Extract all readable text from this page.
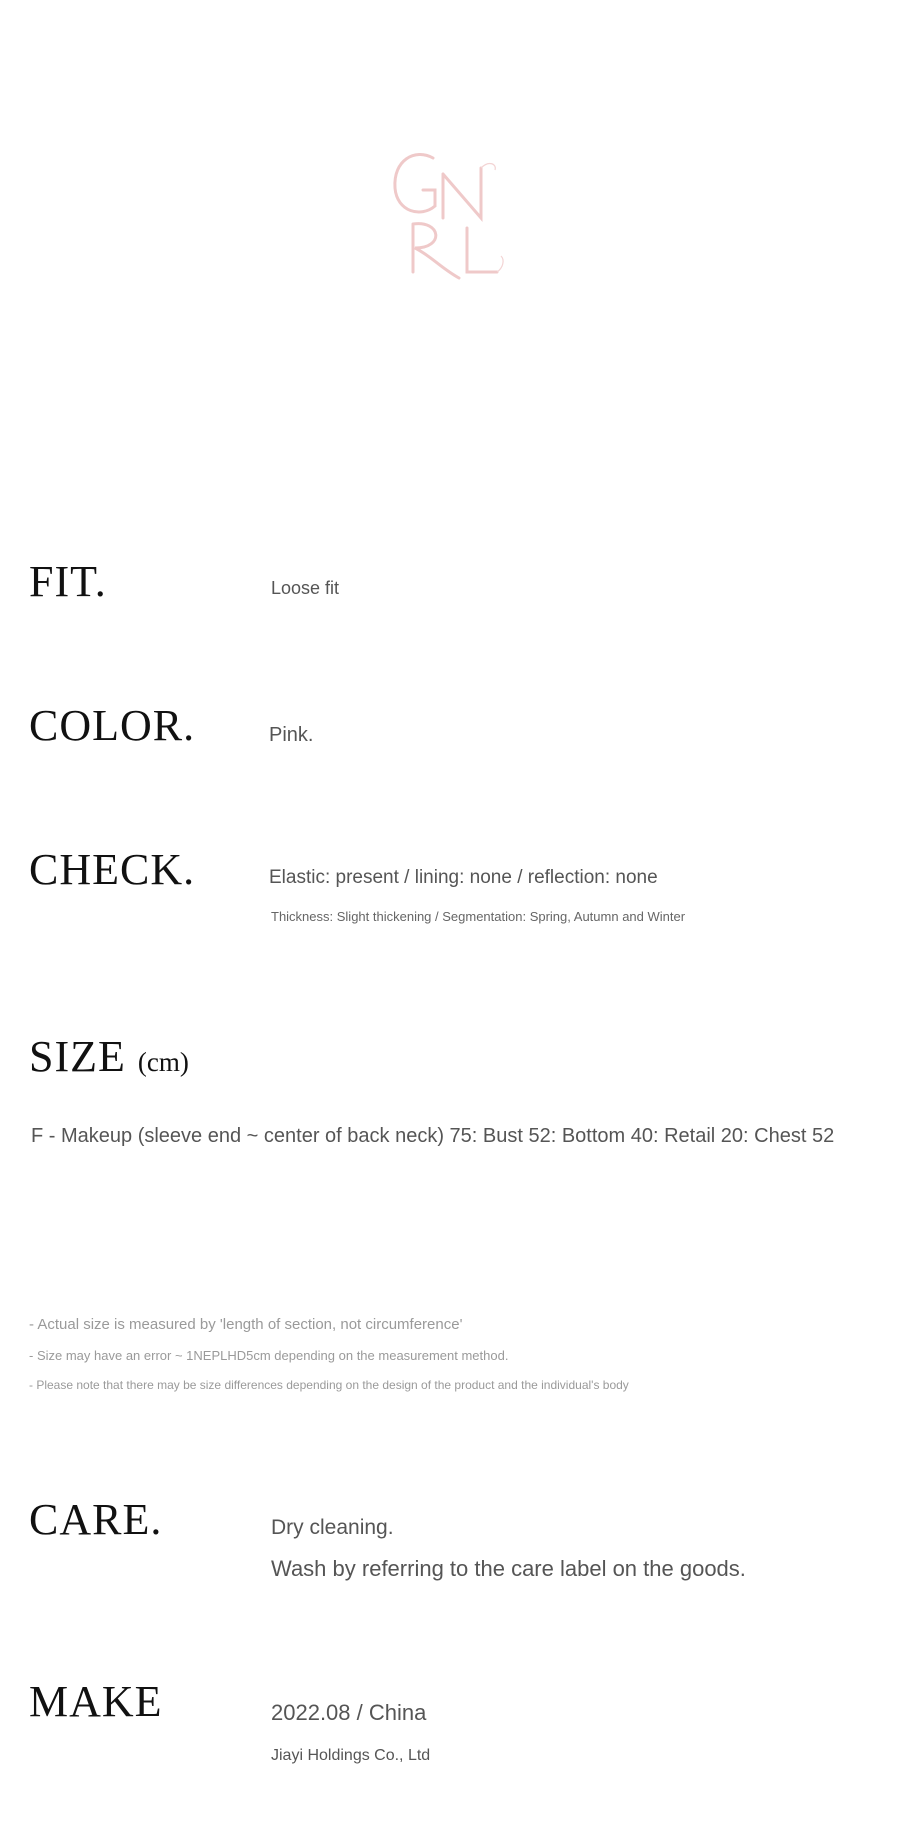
FIT.	Loose fit
COLOR.	Pink.
CHECK.	Elastic: present / lining: none / reflection: none
Thickness: Slight thickening / Segmentation: Spring, Autumn and Winter
SIZE (cm)
F - Makeup (sleeve end ~ center of back neck) 75: Bust 52: Bottom 40: Retail 20: Chest 52
- Actual size is measured by 'length of section, not circumference'
- Size may have an error ~ 1NEPLHD5cm depending on the measurement method.
- Please note that there may be size differences depending on the design of the product and the individual's body
CARE.	Dry cleaning.
Wash by referring to the care label on the goods.
MAKE	2022.08 / China
Jiayi Holdings Co., Ltd
